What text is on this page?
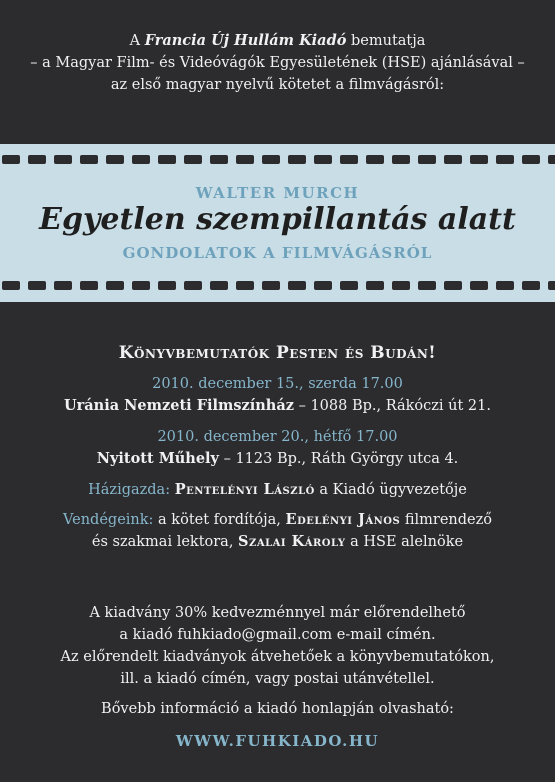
A Francia Új Hullám Kiadó bemutatja
– a Magyar Film- és Videóvágók Egyesületének (HSE) ajánlásával –
az első magyar nyelvű kötetet a filmvágásról:
WALTER MURCH
Egyetlen szempillantás alatt
GONDOLATOK A FILMVÁGÁSRÓL
Könyvbemutatók Pesten és Budán!
2010. december 15., szerda 17.00
Uránia Nemzeti Filmszínház – 1088 Bp., Rákóczi út 21.
2010. december 20., hétfő 17.00
Nyitott Műhely – 1123 Bp., Ráth György utca 4.
Házigazda: Pentelényi László a Kiadó ügyvezetője
Vendégeink: a kötet fordítója, Edelényi János filmrendező
és szakmai lektora, Szalai Károly a HSE alelnöke
A kiadvány 30% kedvezménnyel már előrendelhető
a kiadó fuhkiado@gmail.com e-mail címén.
Az előrendelt kiadványok átvehetőek a könyvbemutatókon,
ill. a kiadó címén, vagy postai utánvétellel.
Bővebb információ a kiadó honlapján olvasható:
WWW.FUHKIADO.HU
